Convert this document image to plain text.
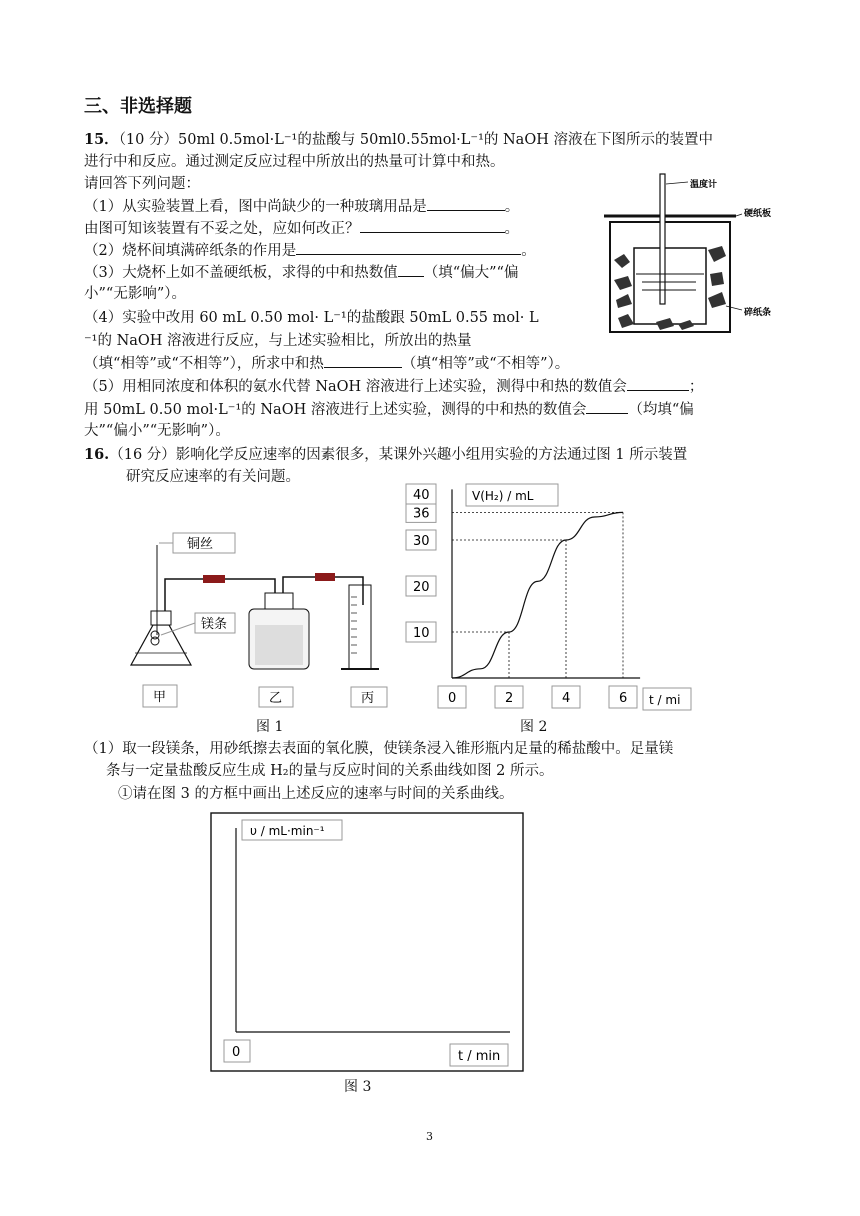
三、非选择题
15．（10 分）50ml 0.5mol·L⁻¹的盐酸与 50ml0.55mol·L⁻¹的 NaOH 溶液在下图所示的装置中
进行中和反应。通过测定反应过程中所放出的热量可计算中和热。
请回答下列问题：
（1）从实验装置上看，图中尚缺少的一种玻璃用品是	。
由图可知该装置有不妥之处，应如何改正？	。
（2）烧杯间填满碎纸条的作用是	。
（3）大烧杯上如不盖硬纸板，求得的中和热数值 （填“偏大”“偏
小”“无影响”）。
（4）实验中改用 60 mL 0.50 mol· L⁻¹的盐酸跟 50mL 0.55 mol· L
⁻¹的 NaOH 溶液进行反应，与上述实验相比，所放出的热量
（填“相等”或“不相等”），所求中和热	（填“相等”或“不相等”）。
（5）用相同浓度和体积的氨水代替 NaOH 溶液进行上述实验，测得中和热的数值会	；
用 50mL 0.50 mol·L⁻¹的 NaOH 溶液进行上述实验，测得的中和热的数值会	（均填“偏
大”“偏小”“无影响”）。
温度计
硬纸板
碎纸条
16.（16 分）影响化学反应速率的因素很多，某课外兴趣小组用实验的方法通过图 1 所示装置
研究反应速率的有关问题。
铜丝
镁条
甲	乙	丙
图 1
10
20
30
36
40
0	2	4	6
V(H₂) / mL
t / mi
图 2
（1）取一段镁条，用砂纸擦去表面的氧化膜，使镁条浸入锥形瓶内足量的稀盐酸中。足量镁
条与一定量盐酸反应生成 H₂的量与反应时间的关系曲线如图 2 所示。
①请在图 3 的方框中画出上述反应的速率与时间的关系曲线。
υ / mL·min⁻¹
0	t / min
图 3
3
